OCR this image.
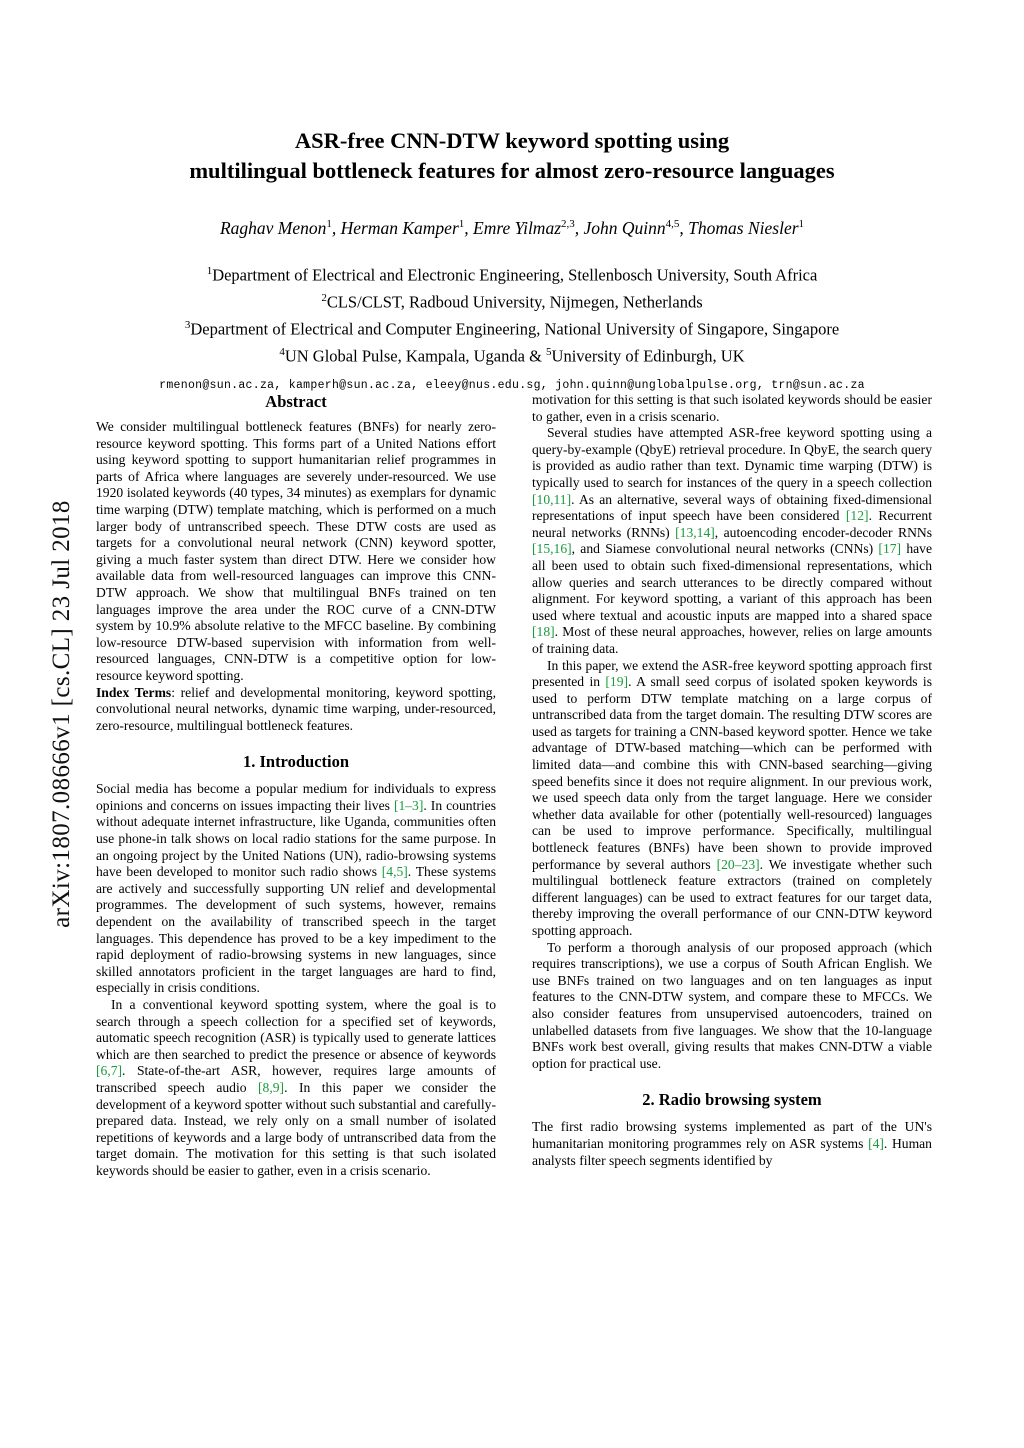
arXiv:1807.08666v1 [cs.CL] 23 Jul 2018
ASR-free CNN-DTW keyword spotting using
multilingual bottleneck features for almost zero-resource languages
Raghav Menon$^1$, Herman Kamper$^1$, Emre Yilmaz$^{2,3}$, John Quinn$^{4,5}$, Thomas Niesler$^1$
$^1$Department of Electrical and Electronic Engineering, Stellenbosch University, South Africa
$^2$CLS/CLST, Radboud University, Nijmegen, Netherlands
$^3$Department of Electrical and Computer Engineering, National University of Singapore, Singapore
$^4$UN Global Pulse, Kampala, Uganda & $^5$University of Edinburgh, UK
rmenon@sun.ac.za, kamperh@sun.ac.za, eleey@nus.edu.sg, john.quinn@unglobalpulse.org, trn@sun.ac.za
Abstract

We consider multilingual bottleneck features (BNFs) for nearly zero-resource keyword spotting. This forms part of a United Nations effort using keyword spotting to support humanitarian relief programmes in parts of Africa where languages are severely under-resourced. We use 1920 isolated keywords (40 types, 34 minutes) as exemplars for dynamic time warping (DTW) template matching, which is performed on a much larger body of untranscribed speech. These DTW costs are used as targets for a convolutional neural network (CNN) keyword spotter, giving a much faster system than direct DTW. Here we consider how available data from well-resourced languages can improve this CNN-DTW approach. We show that multilingual BNFs trained on ten languages improve the area under the ROC curve of a CNN-DTW system by 10.9% absolute relative to the MFCC baseline. By combining low-resource DTW-based supervision with information from well-resourced languages, CNN-DTW is a competitive option for low-resource keyword spotting.

Index Terms: relief and developmental monitoring, keyword spotting, convolutional neural networks, dynamic time warping, under-resourced, zero-resource, multilingual bottleneck features.

1. Introduction

Social media has become a popular medium for individuals to express opinions and concerns on issues impacting their lives [1–3]. In countries without adequate internet infrastructure, like Uganda, communities often use phone-in talk shows on local radio stations for the same purpose. In an ongoing project by the United Nations (UN), radio-browsing systems have been developed to monitor such radio shows [4,5]. These systems are actively and successfully supporting UN relief and developmental programmes. The development of such systems, however, remains dependent on the availability of transcribed speech in the target languages. This dependence has proved to be a key impediment to the rapid deployment of radio-browsing systems in new languages, since skilled annotators proficient in the target languages are hard to find, especially in crisis conditions.

In a conventional keyword spotting system, where the goal is to search through a speech collection for a specified set of keywords, automatic speech recognition (ASR) is typically used to generate lattices which are then searched to predict the presence or absence of keywords [6,7]. State-of-the-art ASR, however, requires large amounts of transcribed speech audio [8,9]. In this paper we consider the development of a keyword spotter without such substantial and carefully-prepared data. Instead, we rely only on a small number of isolated repetitions of keywords and a large body of untranscribed data from the target domain. The motivation for this setting is that such isolated keywords should be easier to gather, even in a crisis scenario.

motivation for this setting is that such isolated keywords should be easier to gather, even in a crisis scenario.

Several studies have attempted ASR-free keyword spotting using a query-by-example (QbyE) retrieval procedure. In QbyE, the search query is provided as audio rather than text. Dynamic time warping (DTW) is typically used to search for instances of the query in a speech collection [10,11]. As an alternative, several ways of obtaining fixed-dimensional representations of input speech have been considered [12]. Recurrent neural networks (RNNs) [13,14], autoencoding encoder-decoder RNNs [15,16], and Siamese convolutional neural networks (CNNs) [17] have all been used to obtain such fixed-dimensional representations, which allow queries and search utterances to be directly compared without alignment. For keyword spotting, a variant of this approach has been used where textual and acoustic inputs are mapped into a shared space [18]. Most of these neural approaches, however, relies on large amounts of training data.

In this paper, we extend the ASR-free keyword spotting approach first presented in [19]. A small seed corpus of isolated spoken keywords is used to perform DTW template matching on a large corpus of untranscribed data from the target domain. The resulting DTW scores are used as targets for training a CNN-based keyword spotter. Hence we take advantage of DTW-based matching—which can be performed with limited data—and combine this with CNN-based searching—giving speed benefits since it does not require alignment. In our previous work, we used speech data only from the target language. Here we consider whether data available for other (potentially well-resourced) languages can be used to improve performance. Specifically, multilingual bottleneck features (BNFs) have been shown to provide improved performance by several authors [20–23]. We investigate whether such multilingual bottleneck feature extractors (trained on completely different languages) can be used to extract features for our target data, thereby improving the overall performance of our CNN-DTW keyword spotting approach.

To perform a thorough analysis of our proposed approach (which requires transcriptions), we use a corpus of South African English. We use BNFs trained on two languages and on ten languages as input features to the CNN-DTW system, and compare these to MFCCs. We also consider features from unsupervised autoencoders, trained on unlabelled datasets from five languages. We show that the 10-language BNFs work best overall, giving results that makes CNN-DTW a viable option for practical use.

2. Radio browsing system

The first radio browsing systems implemented as part of the UN's humanitarian monitoring programmes rely on ASR systems [4]. Human analysts filter speech segments identified by
